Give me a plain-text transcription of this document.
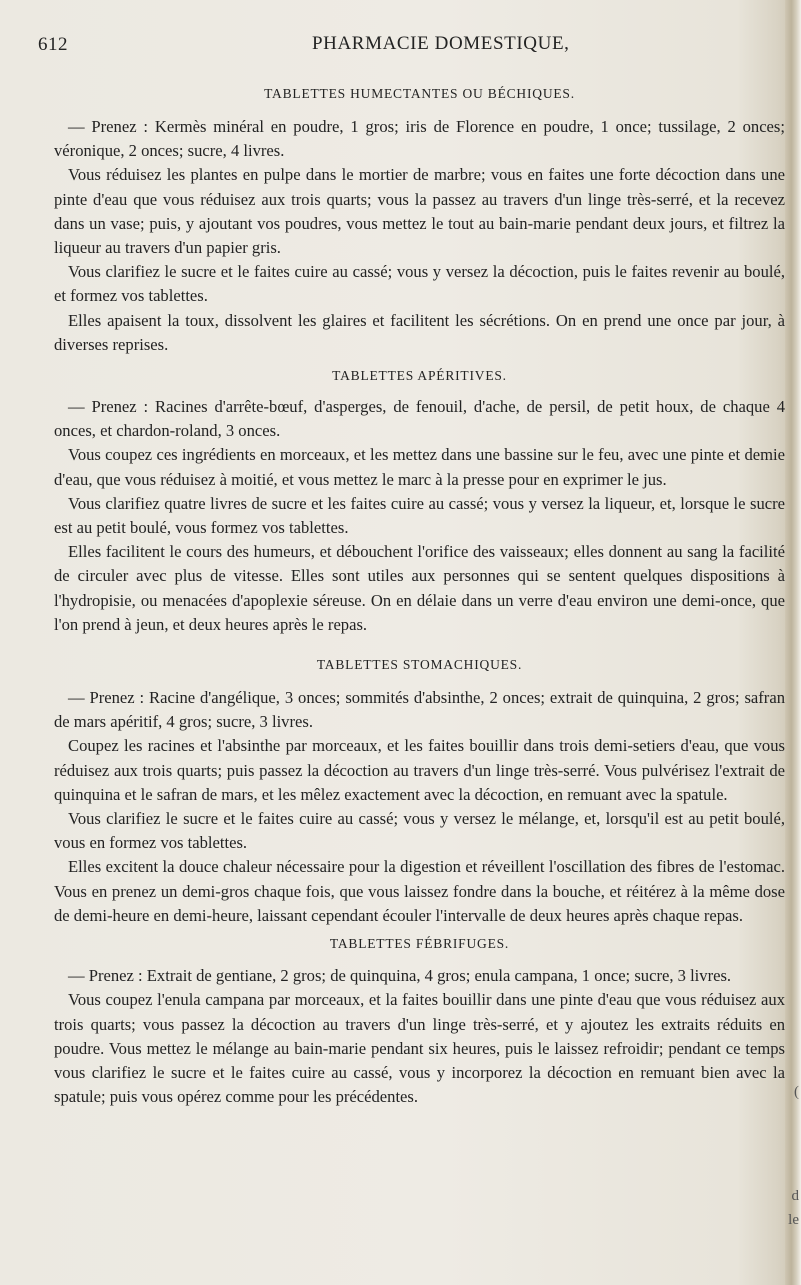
(
d
le
612	PHARMACIE DOMESTIQUE,

TABLETTES HUMECTANTES OU BÉCHIQUES.

— Prenez : Kermès minéral en poudre, 1 gros; iris de Florence en poudre, 1 once; tussilage, 2 onces; véronique, 2 onces; sucre, 4 livres.

Vous réduisez les plantes en pulpe dans le mortier de marbre; vous en faites une forte décoction dans une pinte d'eau que vous réduisez aux trois quarts; vous la passez au travers d'un linge très-serré, et la recevez dans un vase; puis, y ajoutant vos poudres, vous mettez le tout au bain-marie pendant deux jours, et filtrez la liqueur au travers d'un papier gris.

Vous clarifiez le sucre et le faites cuire au cassé; vous y versez la décoction, puis le faites revenir au boulé, et formez vos tablettes.

Elles apaisent la toux, dissolvent les glaires et facilitent les sécrétions. On en prend une once par jour, à diverses reprises.

TABLETTES APÉRITIVES.

— Prenez : Racines d'arrête-bœuf, d'asperges, de fenouil, d'ache, de persil, de petit houx, de chaque 4 onces, et chardon-roland, 3 onces.

Vous coupez ces ingrédients en morceaux, et les mettez dans une bassine sur le feu, avec une pinte et demie d'eau, que vous réduisez à moitié, et vous mettez le marc à la presse pour en exprimer le jus.

Vous clarifiez quatre livres de sucre et les faites cuire au cassé; vous y versez la liqueur, et, lorsque le sucre est au petit boulé, vous formez vos tablettes.

Elles facilitent le cours des humeurs, et débouchent l'orifice des vaisseaux; elles donnent au sang la facilité de circuler avec plus de vitesse. Elles sont utiles aux personnes qui se sentent quelques dispositions à l'hydropisie, ou menacées d'apoplexie séreuse. On en délaie dans un verre d'eau environ une demi-once, que l'on prend à jeun, et deux heures après le repas.

TABLETTES STOMACHIQUES.

— Prenez : Racine d'angélique, 3 onces; sommités d'absinthe, 2 onces; extrait de quinquina, 2 gros; safran de mars apéritif, 4 gros; sucre, 3 livres.

Coupez les racines et l'absinthe par morceaux, et les faites bouillir dans trois demi-setiers d'eau, que vous réduisez aux trois quarts; puis passez la décoction au travers d'un linge très-serré. Vous pulvérisez l'extrait de quinquina et le safran de mars, et les mêlez exactement avec la décoction, en remuant avec la spatule.

Vous clarifiez le sucre et le faites cuire au cassé; vous y versez le mélange, et, lorsqu'il est au petit boulé, vous en formez vos tablettes.

Elles excitent la douce chaleur nécessaire pour la digestion et réveillent l'oscillation des fibres de l'estomac. Vous en prenez un demi-gros chaque fois, que vous laissez fondre dans la bouche, et réitérez à la même dose de demi-heure en demi-heure, laissant cependant écouler l'intervalle de deux heures après chaque repas.

TABLETTES FÉBRIFUGES.

— Prenez : Extrait de gentiane, 2 gros; de quinquina, 4 gros; enula campana, 1 once; sucre, 3 livres.

Vous coupez l'enula campana par morceaux, et la faites bouillir dans une pinte d'eau que vous réduisez aux trois quarts; vous passez la décoction au travers d'un linge très-serré, et y ajoutez les extraits réduits en poudre. Vous mettez le mélange au bain-marie pendant six heures, puis le laissez refroidir; pendant ce temps vous clarifiez le sucre et le faites cuire au cassé, vous y incorporez la décoction en remuant bien avec la spatule; puis vous opérez comme pour les précédentes.
